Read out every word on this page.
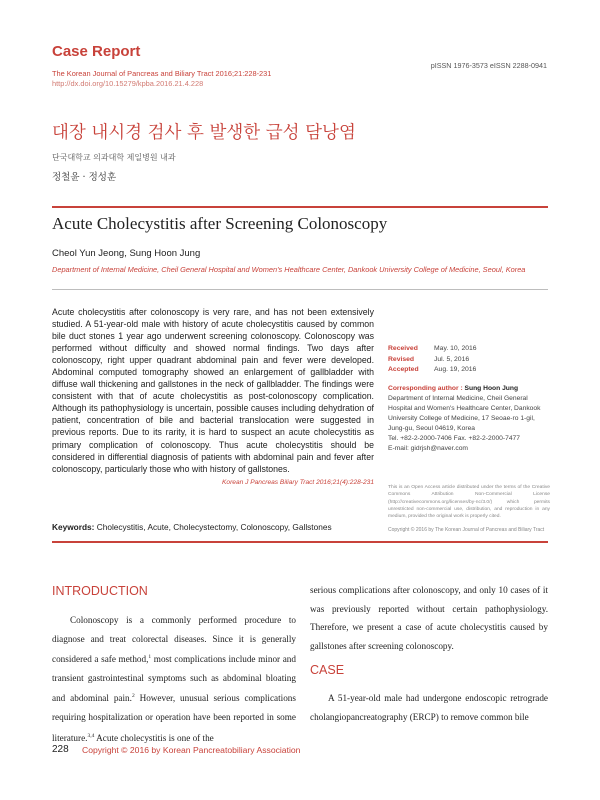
Case Report
The Korean Journal of Pancreas and Biliary Tract 2016;21:228-231
http://dx.doi.org/10.15279/kpba.2016.21.4.228
pISSN 1976-3573 eISSN 2288-0941
대장 내시경 검사 후 발생한 급성 담낭염
단국대학교 의과대학 제일병원 내과
정철윤 · 정성훈
Acute Cholecystitis after Screening Colonoscopy
Cheol Yun Jeong, Sung Hoon Jung
Department of Internal Medicine, Cheil General Hospital and Women's Healthcare Center, Dankook University College of Medicine, Seoul, Korea
Acute cholecystitis after colonoscopy is very rare, and has not been extensively studied. A 51-year-old male with history of acute cholecystitis caused by common bile duct stones 1 year ago underwent screening colonoscopy. Colonoscopy was performed without difficulty and showed normal findings. Two days after colonoscopy, right upper quadrant abdominal pain and fever were developed. Abdominal computed tomography showed an enlargement of gallbladder with diffuse wall thickening and gallstones in the neck of gallbladder. The findings were consistent with that of acute cholecystitis as post-colonoscopy complication. Although its pathophysiology is uncertain, possible causes including dehydration of patient, concentration of bile and bacterial translocation were suggested in previous reports. Due to its rarity, it is hard to suspect an acute cholecystitis as primary complication of colonoscopy. Thus acute cholecystitis should be considered in differential diagnosis of patients with abdominal pain and fever after colonoscopy, particularly those who with history of gallstones.
Korean J Pancreas Biliary Tract 2016;21(4):228-231
Received	May. 10, 2016
Revised	Jul. 5, 2016
Accepted	Aug. 19, 2016
Corresponding author : Sung Hoon Jung
Department of Internal Medicine, Cheil General
Hospital and Women's Healthcare Center, Dankook
University College of Medicine, 17 Seoae-ro 1-gil,
Jung-gu, Seoul 04619, Korea
Tel. +82-2-2000-7406 Fax. +82-2-2000-7477
E-mail: gidrjsh@naver.com
This is an Open Access article distributed under the terms of the Creative Commons Attribution Non-Commercial License (http://creativecommons.org/licenses/by-nc/3.0/) which permits unrestricted non-commercial use, distribution, and reproduction in any medium, provided the original work is properly cited.
Copyright © 2016 by The Korean Journal of Pancreas and Biliary Tract
Keywords: Cholecystitis, Acute, Cholecystectomy, Colonoscopy, Gallstones
INTRODUCTION

Colonoscopy is a commonly performed procedure to diagnose and treat colorectal diseases. Since it is generally considered a safe method,$^1$ most complications include minor and transient gastrointestinal symptoms such as abdominal bloating and abdominal pain.$^2$ However, unusual serious complications requiring hospitalization or operation have been reported in some literature.$^{3,4}$ Acute cholecystitis is one of the

serious complications after colonoscopy, and only 10 cases of it was previously reported without certain pathophysiology. Therefore, we present a case of acute cholecystitis caused by gallstones after screening colonoscopy.
CASE
A 51-year-old male had undergone endoscopic retrograde cholangiopancreatography (ERCP) to remove common bile
228 Copyright © 2016 by Korean Pancreatobiliary Association
